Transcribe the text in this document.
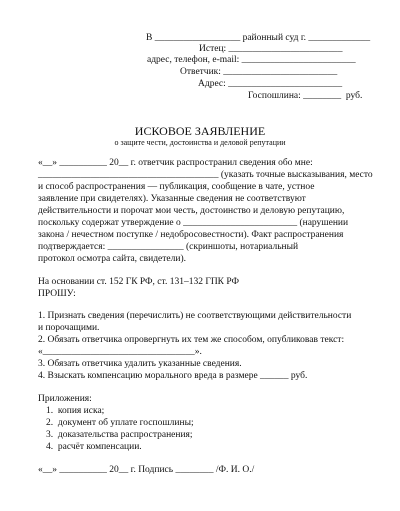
В __________________ районный суд г. _____________
Истец: ________________________
адрес, телефон, e-mail: ________________________
Ответчик: ________________________
Адрес: ________________________
Госпошлина: ________  руб.
ИСКОВОЕ ЗАЯВЛЕНИЕ
о защите чести, достоинства и деловой репутации
«__» __________ 20__ г. ответчик распространил сведения обо мне:
______________________________________ (указать точные высказывания, место
и способ распространения — публикация, сообщение в чате, устное
заявление при свидетелях). Указанные сведения не соответствуют
действительности и порочат мои честь, достоинство и деловую репутацию,
поскольку содержат утверждение о ________________________ (нарушении
закона / нечестном поступке / недобросовестности). Факт распространения
подтверждается: ________________ (скриншоты, нотариальный
протокол осмотра сайта, свидетели).
На основании ст. 152 ГК РФ, ст. 131–132 ГПК РФ
ПРОШУ:
1. Признать сведения (перечислить) не соответствующими действительности
и порочащими.
2. Обязать ответчика опровергнуть их тем же способом, опубликовав текст:
«________________________________».
3. Обязать ответчика удалить указанные сведения.
4. Взыскать компенсацию морального вреда в размере ______ руб.
Приложения:
1.  копия иска;
2.  документ об уплате госпошлины;
3.  доказательства распространения;
4.  расчёт компенсации.
«__» __________ 20__ г. Подпись ________ /Ф. И. О./
